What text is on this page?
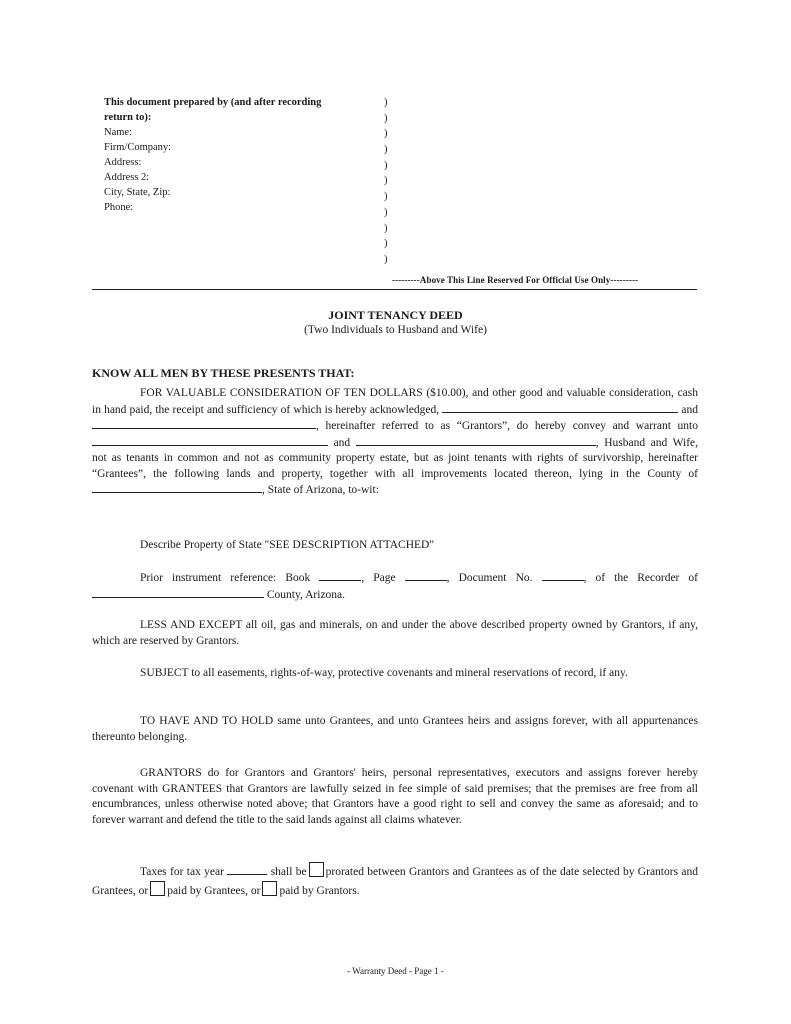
This document prepared by (and after recording
return to):
Name:
Firm/Company:
Address:
Address 2:
City, State, Zip:
Phone:
)
)
)
)
)
)
)
)
)
)
)
---------Above This Line Reserved For Official Use Only---------
JOINT TENANCY DEED
(Two Individuals to Husband and Wife)
KNOW ALL MEN BY THESE PRESENTS THAT:
FOR VALUABLE CONSIDERATION OF TEN DOLLARS ($10.00), and other good and valuable consideration, cash in hand paid, the receipt and sufficiency of which is hereby acknowledged,	and , hereinafter referred to as “Grantors”, do hereby convey and warrant unto  and	, Husband and Wife, not as tenants in common and not as community property estate, but as joint tenants with rights of survivorship, hereinafter “Grantees”, the following lands and property, together with all improvements located thereon, lying in the County of , State of Arizona, to-wit:
Describe Property of State "SEE DESCRIPTION ATTACHED"
Prior instrument reference: Book	, Page	, Document No.	, of the Recorder of  County, Arizona.
LESS AND EXCEPT all oil, gas and minerals, on and under the above described property owned by Grantors, if any, which are reserved by Grantors.
SUBJECT to all easements, rights-of-way, protective covenants and mineral reservations of record, if any.
TO HAVE AND TO HOLD same unto Grantees, and unto Grantees heirs and assigns forever, with all appurtenances thereunto belonging.
GRANTORS do for Grantors and Grantors' heirs, personal representatives, executors and assigns forever hereby covenant with GRANTEES that Grantors are lawfully seized in fee simple of said premises; that the premises are free from all encumbrances, unless otherwise noted above; that Grantors have a good right to sell and convey the same as aforesaid; and to forever warrant and defend the title to the said lands against all claims whatever.
Taxes for tax year	shall be prorated between Grantors and Grantees as of the date selected by Grantors and Grantees, or paid by Grantees, or paid by Grantors.
- Warranty Deed - Page 1 -
